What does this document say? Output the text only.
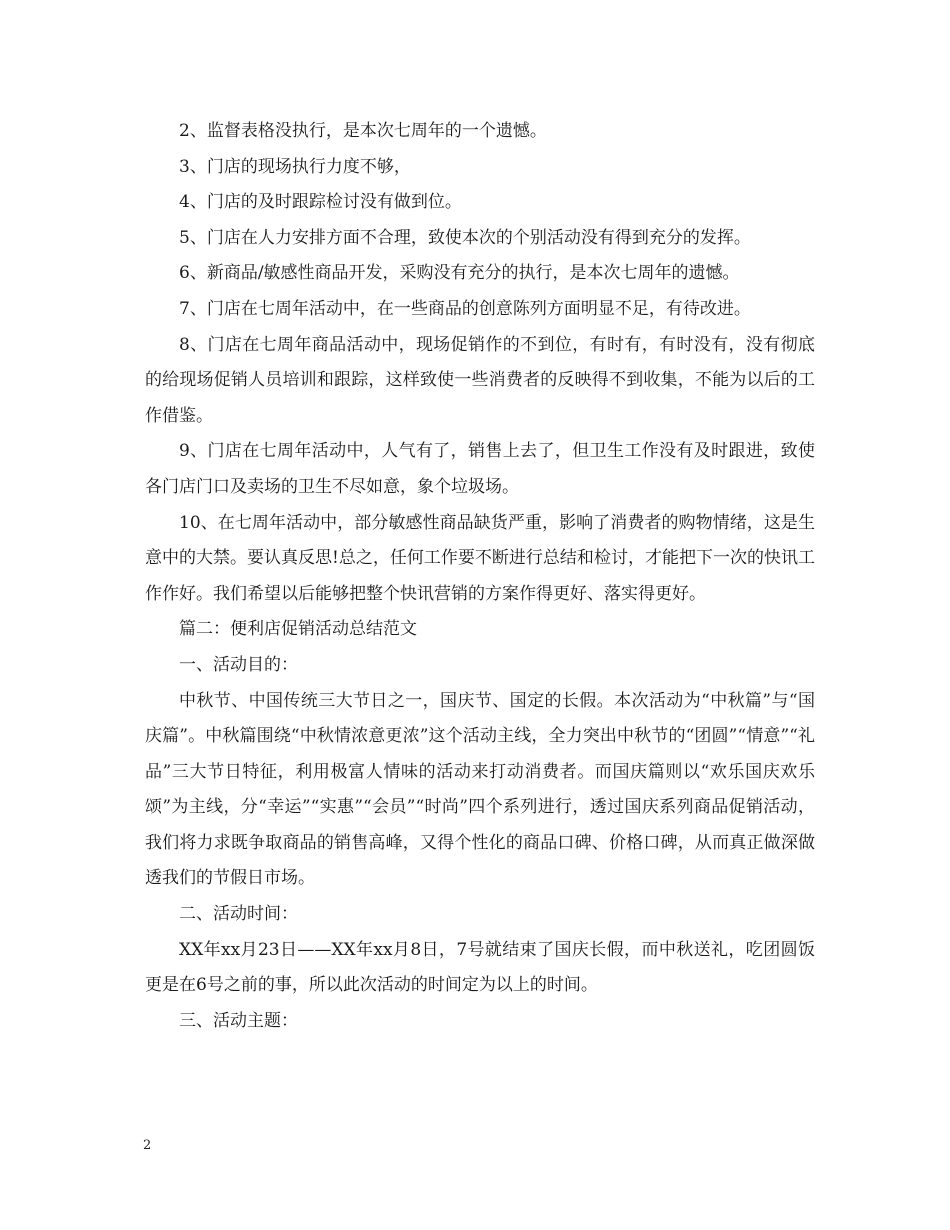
2、监督表格没执行，是本次七周年的一个遗憾。

3、门店的现场执行力度不够，

4、门店的及时跟踪检讨没有做到位。

5、门店在人力安排方面不合理，致使本次的个别活动没有得到充分的发挥。

6、新商品/敏感性商品开发，采购没有充分的执行，是本次七周年的遗憾。

7、门店在七周年活动中，在一些商品的创意陈列方面明显不足，有待改进。

8、门店在七周年商品活动中，现场促销作的不到位，有时有，有时没有，没有彻底的给现场促销人员培训和跟踪，这样致使一些消费者的反映得不到收集，不能为以后的工作借鉴。

9、门店在七周年活动中，人气有了，销售上去了，但卫生工作没有及时跟进，致使各门店门口及卖场的卫生不尽如意，象个垃圾场。

10、在七周年活动中，部分敏感性商品缺货严重，影响了消费者的购物情绪，这是生意中的大禁。要认真反思!总之，任何工作要不断进行总结和检讨，才能把下一次的快讯工作作好。我们希望以后能够把整个快讯营销的方案作得更好、落实得更好。

篇二：便利店促销活动总结范文

一、活动目的：

中秋节、中国传统三大节日之一，国庆节、国定的长假。本次活动为“中秋篇”与“国庆篇”。中秋篇围绕“中秋情浓意更浓”这个活动主线，全力突出中秋节的“团圆”“情意”“礼品”三大节日特征，利用极富人情味的活动来打动消费者。而国庆篇则以“欢乐国庆欢乐颂”为主线，分“幸运”“实惠”“会员”“时尚”四个系列进行，透过国庆系列商品促销活动，我们将力求既争取商品的销售高峰，又得个性化的商品口碑、价格口碑，从而真正做深做透我们的节假日市场。

二、活动时间：

XX年xx月23日——XX年xx月8日，7号就结束了国庆长假，而中秋送礼，吃团圆饭更是在6号之前的事，所以此次活动的时间定为以上的时间。

三、活动主题：

2
